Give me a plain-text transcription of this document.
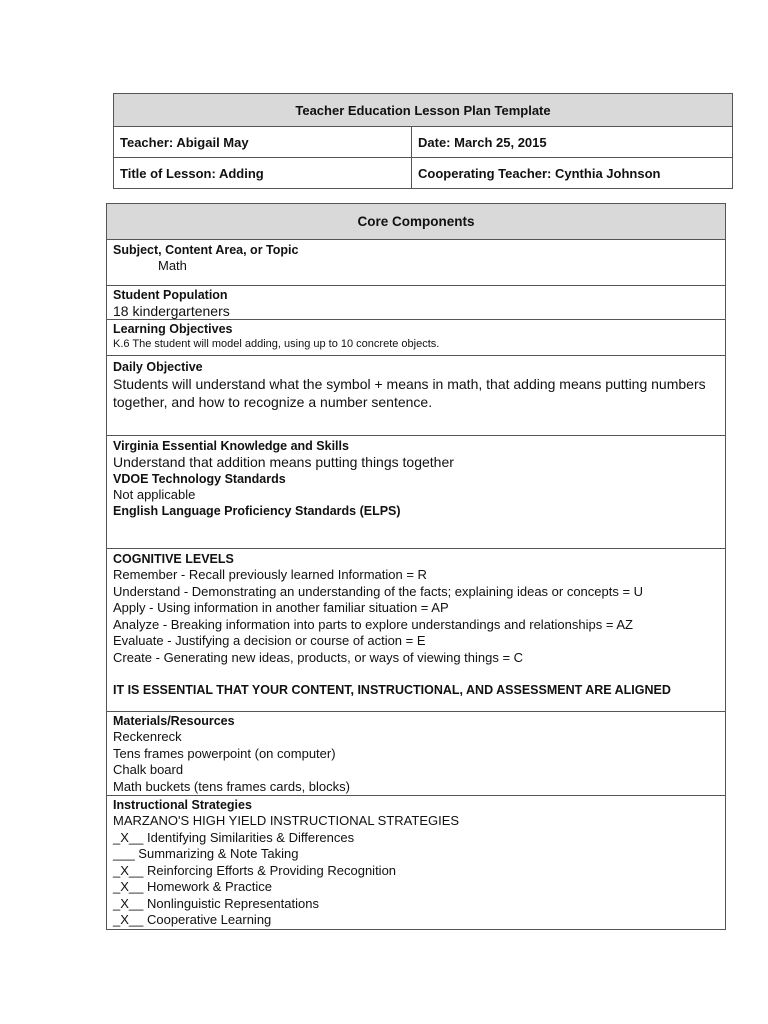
Teacher Education Lesson Plan Template	
Teacher: Abigail May	Date: March 25, 2015
Title of Lesson: Adding	Cooperating Teacher: Cynthia Johnson
Core Components

Subject, Content Area, or Topic
Math

Student Population
18 kindergarteners

Learning Objectives
K.6 The student will model adding, using up to 10 concrete objects.

Daily Objective
Students will understand what the symbol + means in math, that adding means putting numbers together, and how to recognize a number sentence.

Virginia Essential Knowledge and Skills
Understand that addition means putting things together
VDOE Technology Standards
Not applicable
English Language Proficiency Standards (ELPS)

COGNITIVE LEVELS
Remember - Recall previously learned Information = R
Understand - Demonstrating an understanding of the facts; explaining ideas or concepts = U
Apply - Using information in another familiar situation = AP
Analyze - Breaking information into parts to explore understandings and relationships = AZ
Evaluate - Justifying a decision or course of action = E
Create - Generating new ideas, products, or ways of viewing things = C
IT IS ESSENTIAL THAT YOUR CONTENT, INSTRUCTIONAL, AND ASSESSMENT ARE ALIGNED

Materials/Resources
Reckenreck
Tens frames powerpoint (on computer)
Chalk board
Math buckets (tens frames cards, blocks)

Instructional Strategies
MARZANO'S HIGH YIELD INSTRUCTIONAL STRATEGIES
_X__ Identifying Similarities & Differences
___ Summarizing & Note Taking
_X__ Reinforcing Efforts & Providing Recognition
_X__ Homework & Practice
_X__ Nonlinguistic Representations
_X__ Cooperative Learning
